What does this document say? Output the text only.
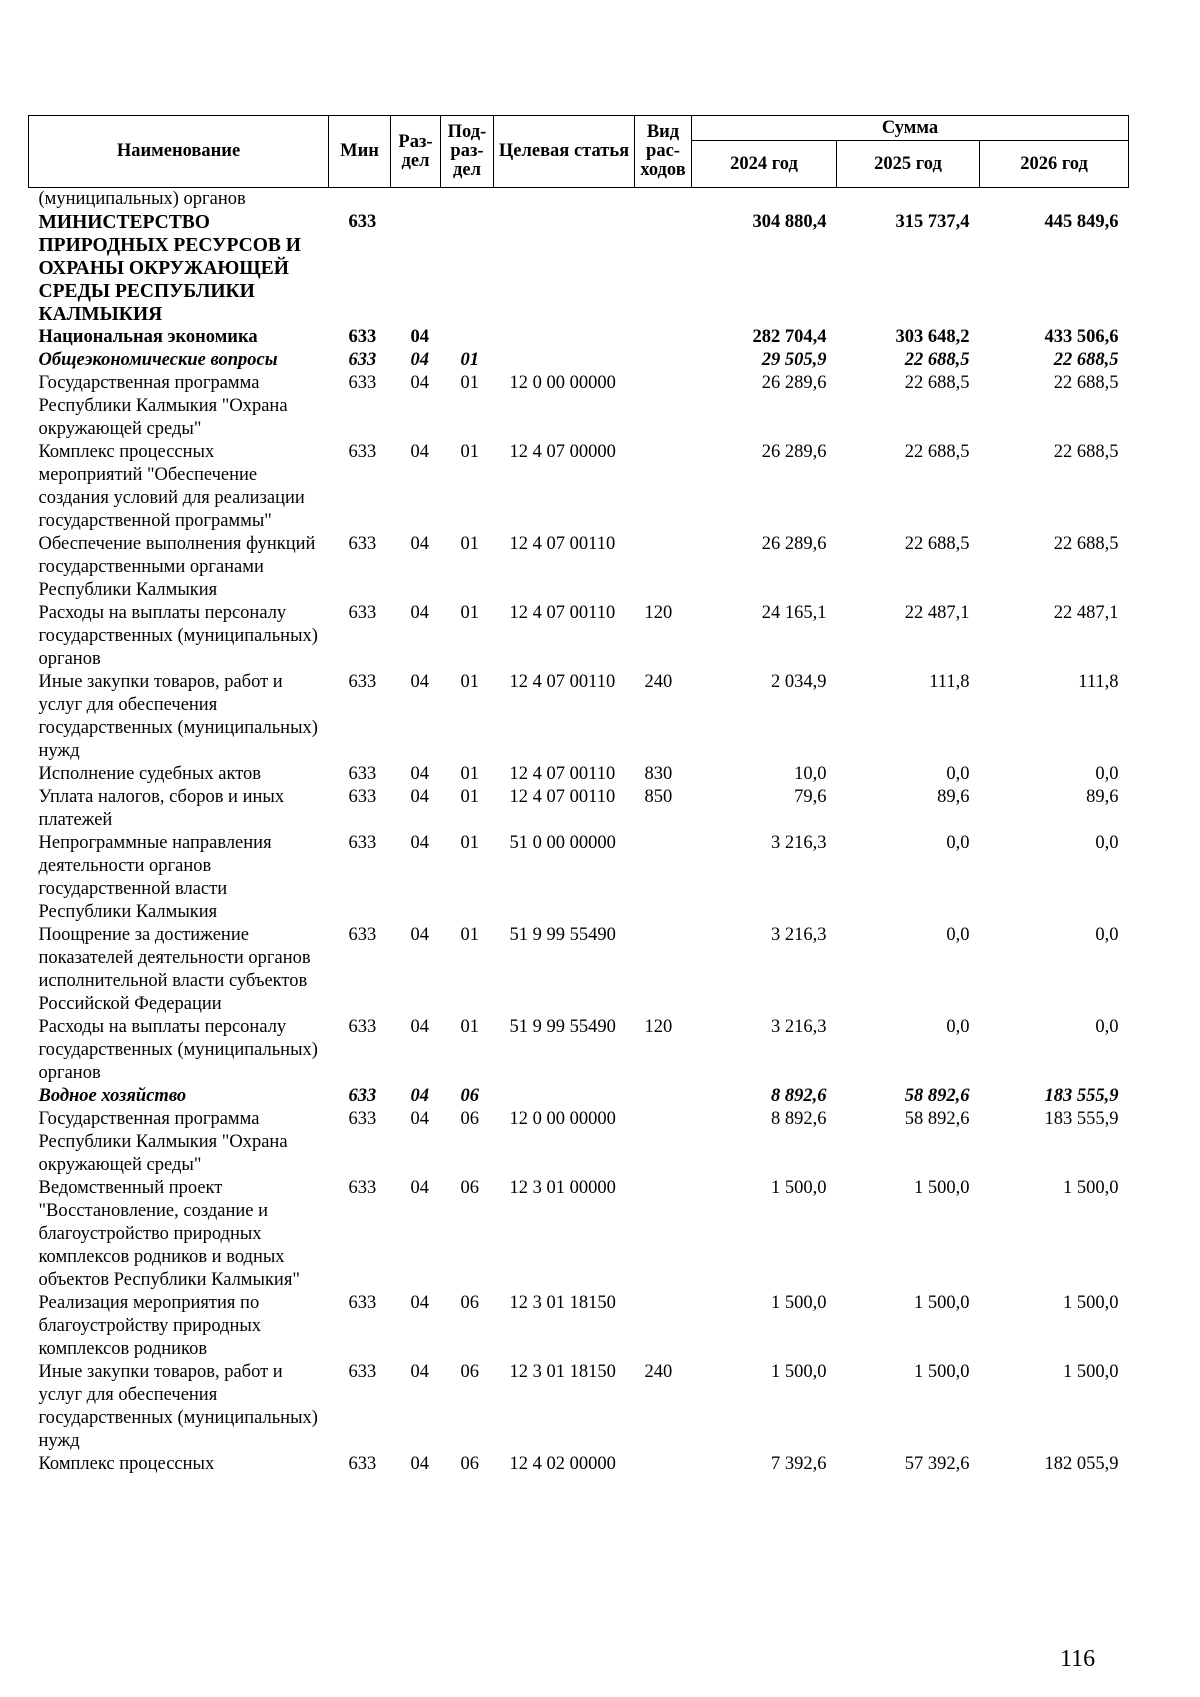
Наименование	Мин	Раз-дел	Под-раз-дел	Целевая статья	Вид рас-ходов	Сумма		
						2024 год	2025 год	2026 год
(муниципальных) органов								
МИНИСТЕРСТВО ПРИРОДНЫХ РЕСУРСОВ И ОХРАНЫ ОКРУЖАЮЩЕЙ СРЕДЫ РЕСПУБЛИКИ КАЛМЫКИЯ	633					304 880,4	315 737,4	445 849,6
Национальная экономика	633	04				282 704,4	303 648,2	433 506,6
Общеэкономические вопросы	633	04	01			29 505,9	22 688,5	22 688,5
Государственная программа Республики Калмыкия "Охрана окружающей среды"	633	04	01	12 0 00 00000		26 289,6	22 688,5	22 688,5
Комплекс процессных мероприятий "Обеспечение создания условий для реализации государственной программы"	633	04	01	12 4 07 00000		26 289,6	22 688,5	22 688,5
Обеспечение выполнения функций государственными органами Республики Калмыкия	633	04	01	12 4 07 00110		26 289,6	22 688,5	22 688,5
Расходы на выплаты персоналу государственных (муниципальных) органов	633	04	01	12 4 07 00110	120	24 165,1	22 487,1	22 487,1
Иные закупки товаров, работ и услуг для обеспечения государственных (муниципальных) нужд	633	04	01	12 4 07 00110	240	2 034,9	111,8	111,8
Исполнение судебных актов	633	04	01	12 4 07 00110	830	10,0	0,0	0,0
Уплата налогов, сборов и иных платежей	633	04	01	12 4 07 00110	850	79,6	89,6	89,6
Непрограммные направления деятельности органов государственной власти Республики Калмыкия	633	04	01	51 0 00 00000		3 216,3	0,0	0,0
Поощрение за достижение показателей деятельности органов исполнительной власти субъектов Российской Федерации	633	04	01	51 9 99 55490		3 216,3	0,0	0,0
Расходы на выплаты персоналу государственных (муниципальных) органов	633	04	01	51 9 99 55490	120	3 216,3	0,0	0,0
Водное хозяйство	633	04	06			8 892,6	58 892,6	183 555,9
Государственная программа Республики Калмыкия "Охрана окружающей среды"	633	04	06	12 0 00 00000		8 892,6	58 892,6	183 555,9
Ведомственный проект "Восстановление, создание и благоустройство природных комплексов родников и водных объектов Республики Калмыкия"	633	04	06	12 3 01 00000		1 500,0	1 500,0	1 500,0
Реализация мероприятия по благоустройству природных комплексов родников	633	04	06	12 3 01 18150		1 500,0	1 500,0	1 500,0
Иные закупки товаров, работ и услуг для обеспечения государственных (муниципальных) нужд	633	04	06	12 3 01 18150	240	1 500,0	1 500,0	1 500,0
Комплекс процессных	633	04	06	12 4 02 00000		7 392,6	57 392,6	182 055,9
116
